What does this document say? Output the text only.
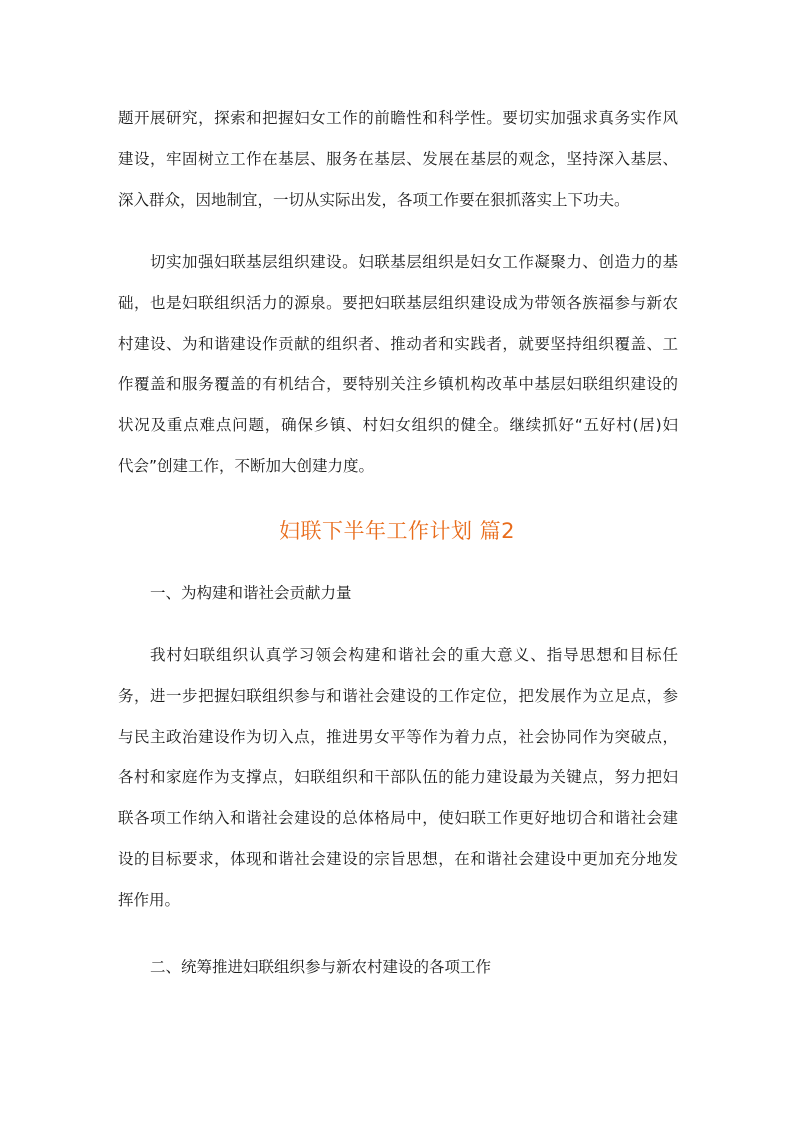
题开展研究，探索和把握妇女工作的前瞻性和科学性。要切实加强求真务实作风
建设，牢固树立工作在基层、服务在基层、发展在基层的观念，坚持深入基层、
深入群众，因地制宜，一切从实际出发，各项工作要在狠抓落实上下功夫。
切实加强妇联基层组织建设。妇联基层组织是妇女工作凝聚力、创造力的基
础，也是妇联组织活力的源泉。要把妇联基层组织建设成为带领各族福参与新农
村建设、为和谐建设作贡献的组织者、推动者和实践者，就要坚持组织覆盖、工
作覆盖和服务覆盖的有机结合，要特别关注乡镇机构改革中基层妇联组织建设的
状况及重点难点问题，确保乡镇、村妇女组织的健全。继续抓好“五好村(居)妇
代会”创建工作，不断加大创建力度。
妇联下半年工作计划 篇2
一、为构建和谐社会贡献力量
我村妇联组织认真学习领会构建和谐社会的重大意义、指导思想和目标任
务，进一步把握妇联组织参与和谐社会建设的工作定位，把发展作为立足点，参
与民主政治建设作为切入点，推进男女平等作为着力点，社会协同作为突破点，
各村和家庭作为支撑点，妇联组织和干部队伍的能力建设最为关键点，努力把妇
联各项工作纳入和谐社会建设的总体格局中，使妇联工作更好地切合和谐社会建
设的目标要求，体现和谐社会建设的宗旨思想，在和谐社会建设中更加充分地发
挥作用。
二、统筹推进妇联组织参与新农村建设的各项工作
